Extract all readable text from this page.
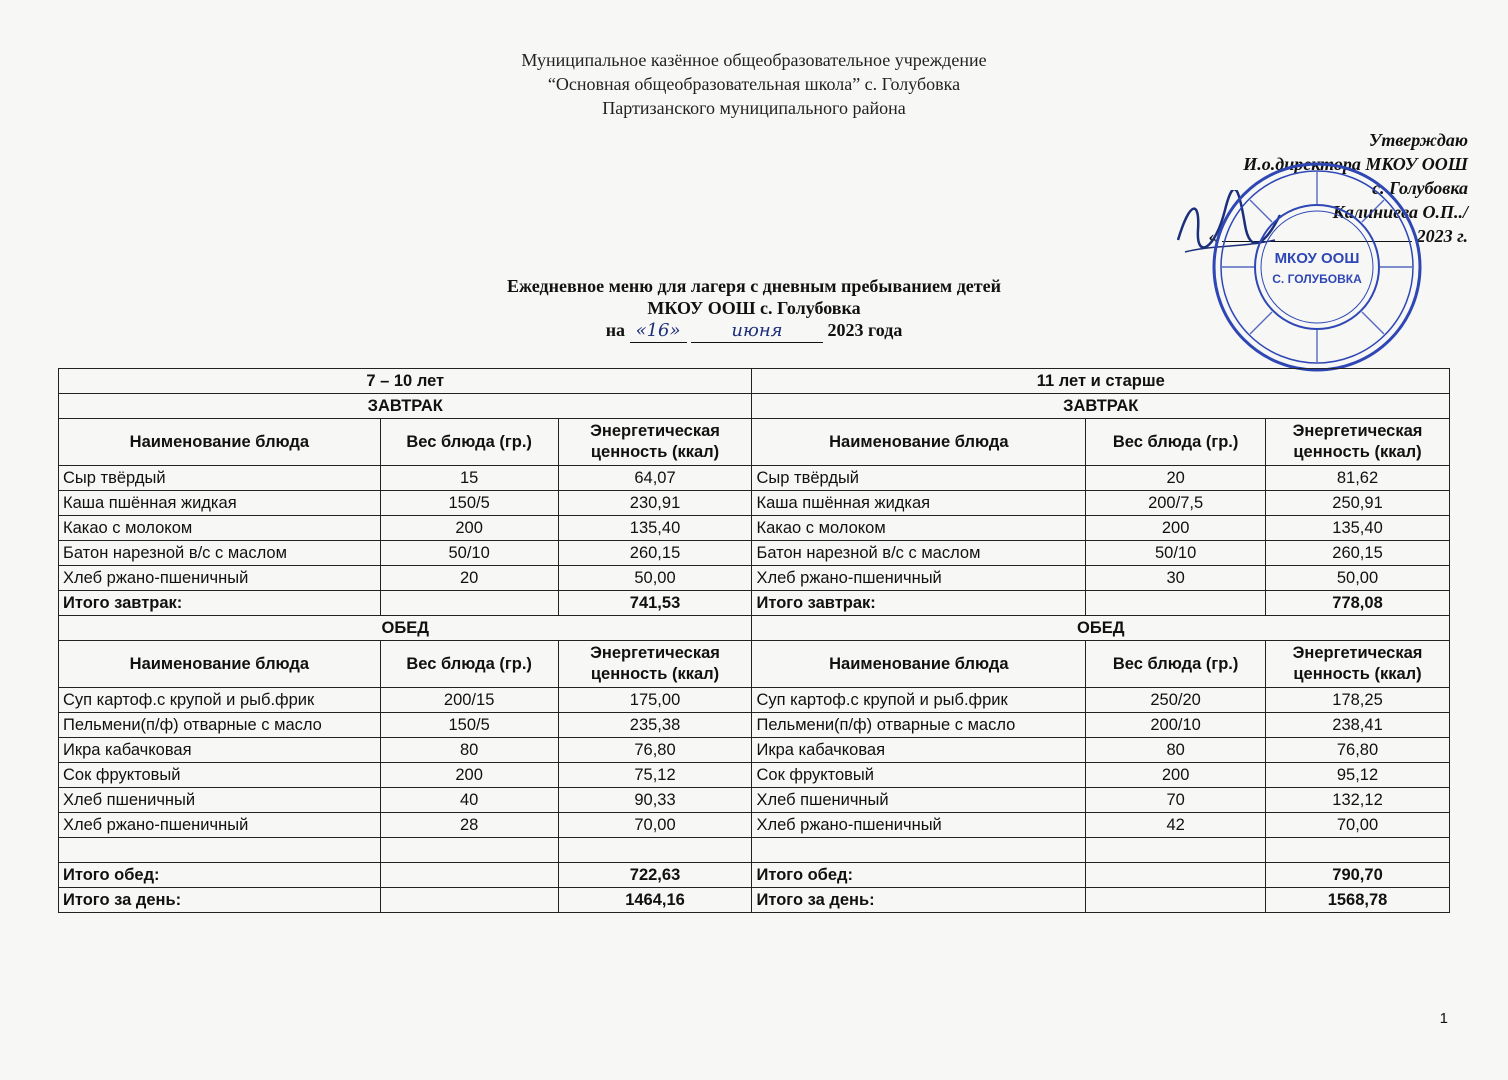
Муниципальное казённое общеобразовательное учреждение
“Основная общеобразовательная школа” с. Голубовка
Партизанского муниципального района
Утверждаю
И.о.директора МКОУ ООШ
с. Голубовка
Калиниева О.П../
«	2023 г.
МКОУ ООШ
С. ГОЛУБОВКА
Ежедневное меню для лагеря с дневным пребыванием детей
МКОУ ООШ с. Голубовка
на «16»	июня 2023 года
7 – 10 лет			11 лет и старше		
ЗАВТРАК			ЗАВТРАК		
Наименование блюда	Вес блюда (гр.)	Энергетическая ценность (ккал)	Наименование блюда	Вес блюда (гр.)	Энергетическая ценность (ккал)
Сыр твёрдый	15	64,07	Сыр твёрдый	20	81,62
Каша пшённая жидкая	150/5	230,91	Каша пшённая жидкая	200/7,5	250,91
Какао с молоком	200	135,40	Какао с молоком	200	135,40
Батон нарезной в/с с маслом	50/10	260,15	Батон нарезной в/с с маслом	50/10	260,15
Хлеб ржано-пшеничный	20	50,00	Хлеб ржано-пшеничный	30	50,00
Итого завтрак:		741,53	Итого завтрак:		778,08
ОБЕД			ОБЕД		
Наименование блюда	Вес блюда (гр.)	Энергетическая ценность (ккал)	Наименование блюда	Вес блюда (гр.)	Энергетическая ценность (ккал)
Суп картоф.с крупой и рыб.фрик	200/15	175,00	Суп картоф.с крупой и рыб.фрик	250/20	178,25
Пельмени(п/ф) отварные с масло	150/5	235,38	Пельмени(п/ф) отварные с масло	200/10	238,41
Икра кабачковая	80	76,80	Икра кабачковая	80	76,80
Сок фруктовый	200	75,12	Сок фруктовый	200	95,12
Хлеб пшеничный	40	90,33	Хлеб пшеничный	70	132,12
Хлеб ржано-пшеничный	28	70,00	Хлеб ржано-пшеничный	42	70,00

Итого обед:		722,63	Итого обед:		790,70
Итого за день:		1464,16	Итого за день:		1568,78
1
